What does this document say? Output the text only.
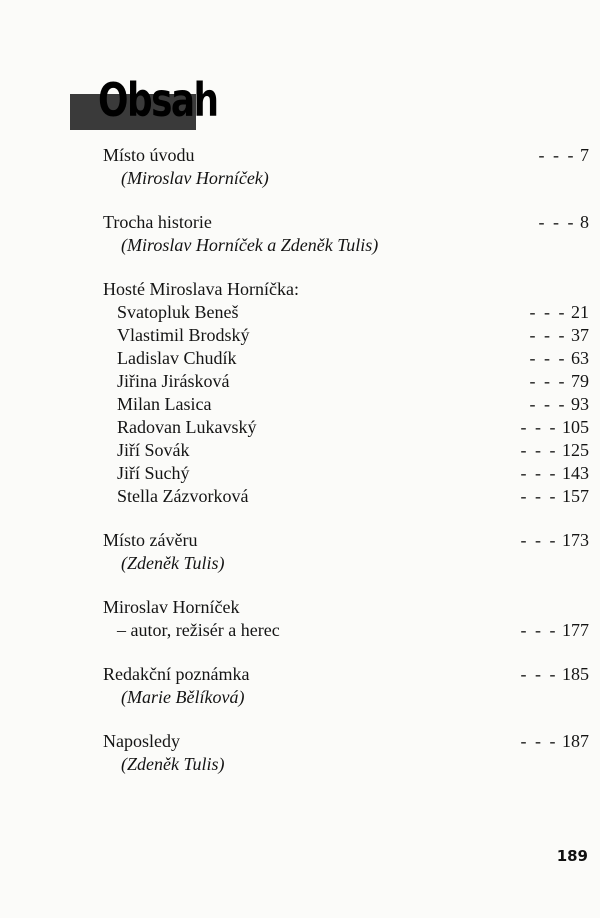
Obsah
Místo úvodu	- - - 7
(Miroslav Horníček)
Trocha historie	- - - 8
(Miroslav Horníček a Zdeněk Tulis)
Hosté Miroslava Horníčka:
Svatopluk Beneš	- - - 21
Vlastimil Brodský	- - - 37
Ladislav Chudík	- - - 63
Jiřina Jirásková	- - - 79
Milan Lasica	- - - 93
Radovan Lukavský	- - - 105
Jiří Sovák	- - - 125
Jiří Suchý	- - - 143
Stella Zázvorková	- - - 157
Místo závěru	- - - 173
(Zdeněk Tulis)
Miroslav Horníček
– autor, režisér a herec	- - - 177
Redakční poznámka	- - - 185
(Marie Bělíková)
Naposledy	- - - 187
(Zdeněk Tulis)
189
